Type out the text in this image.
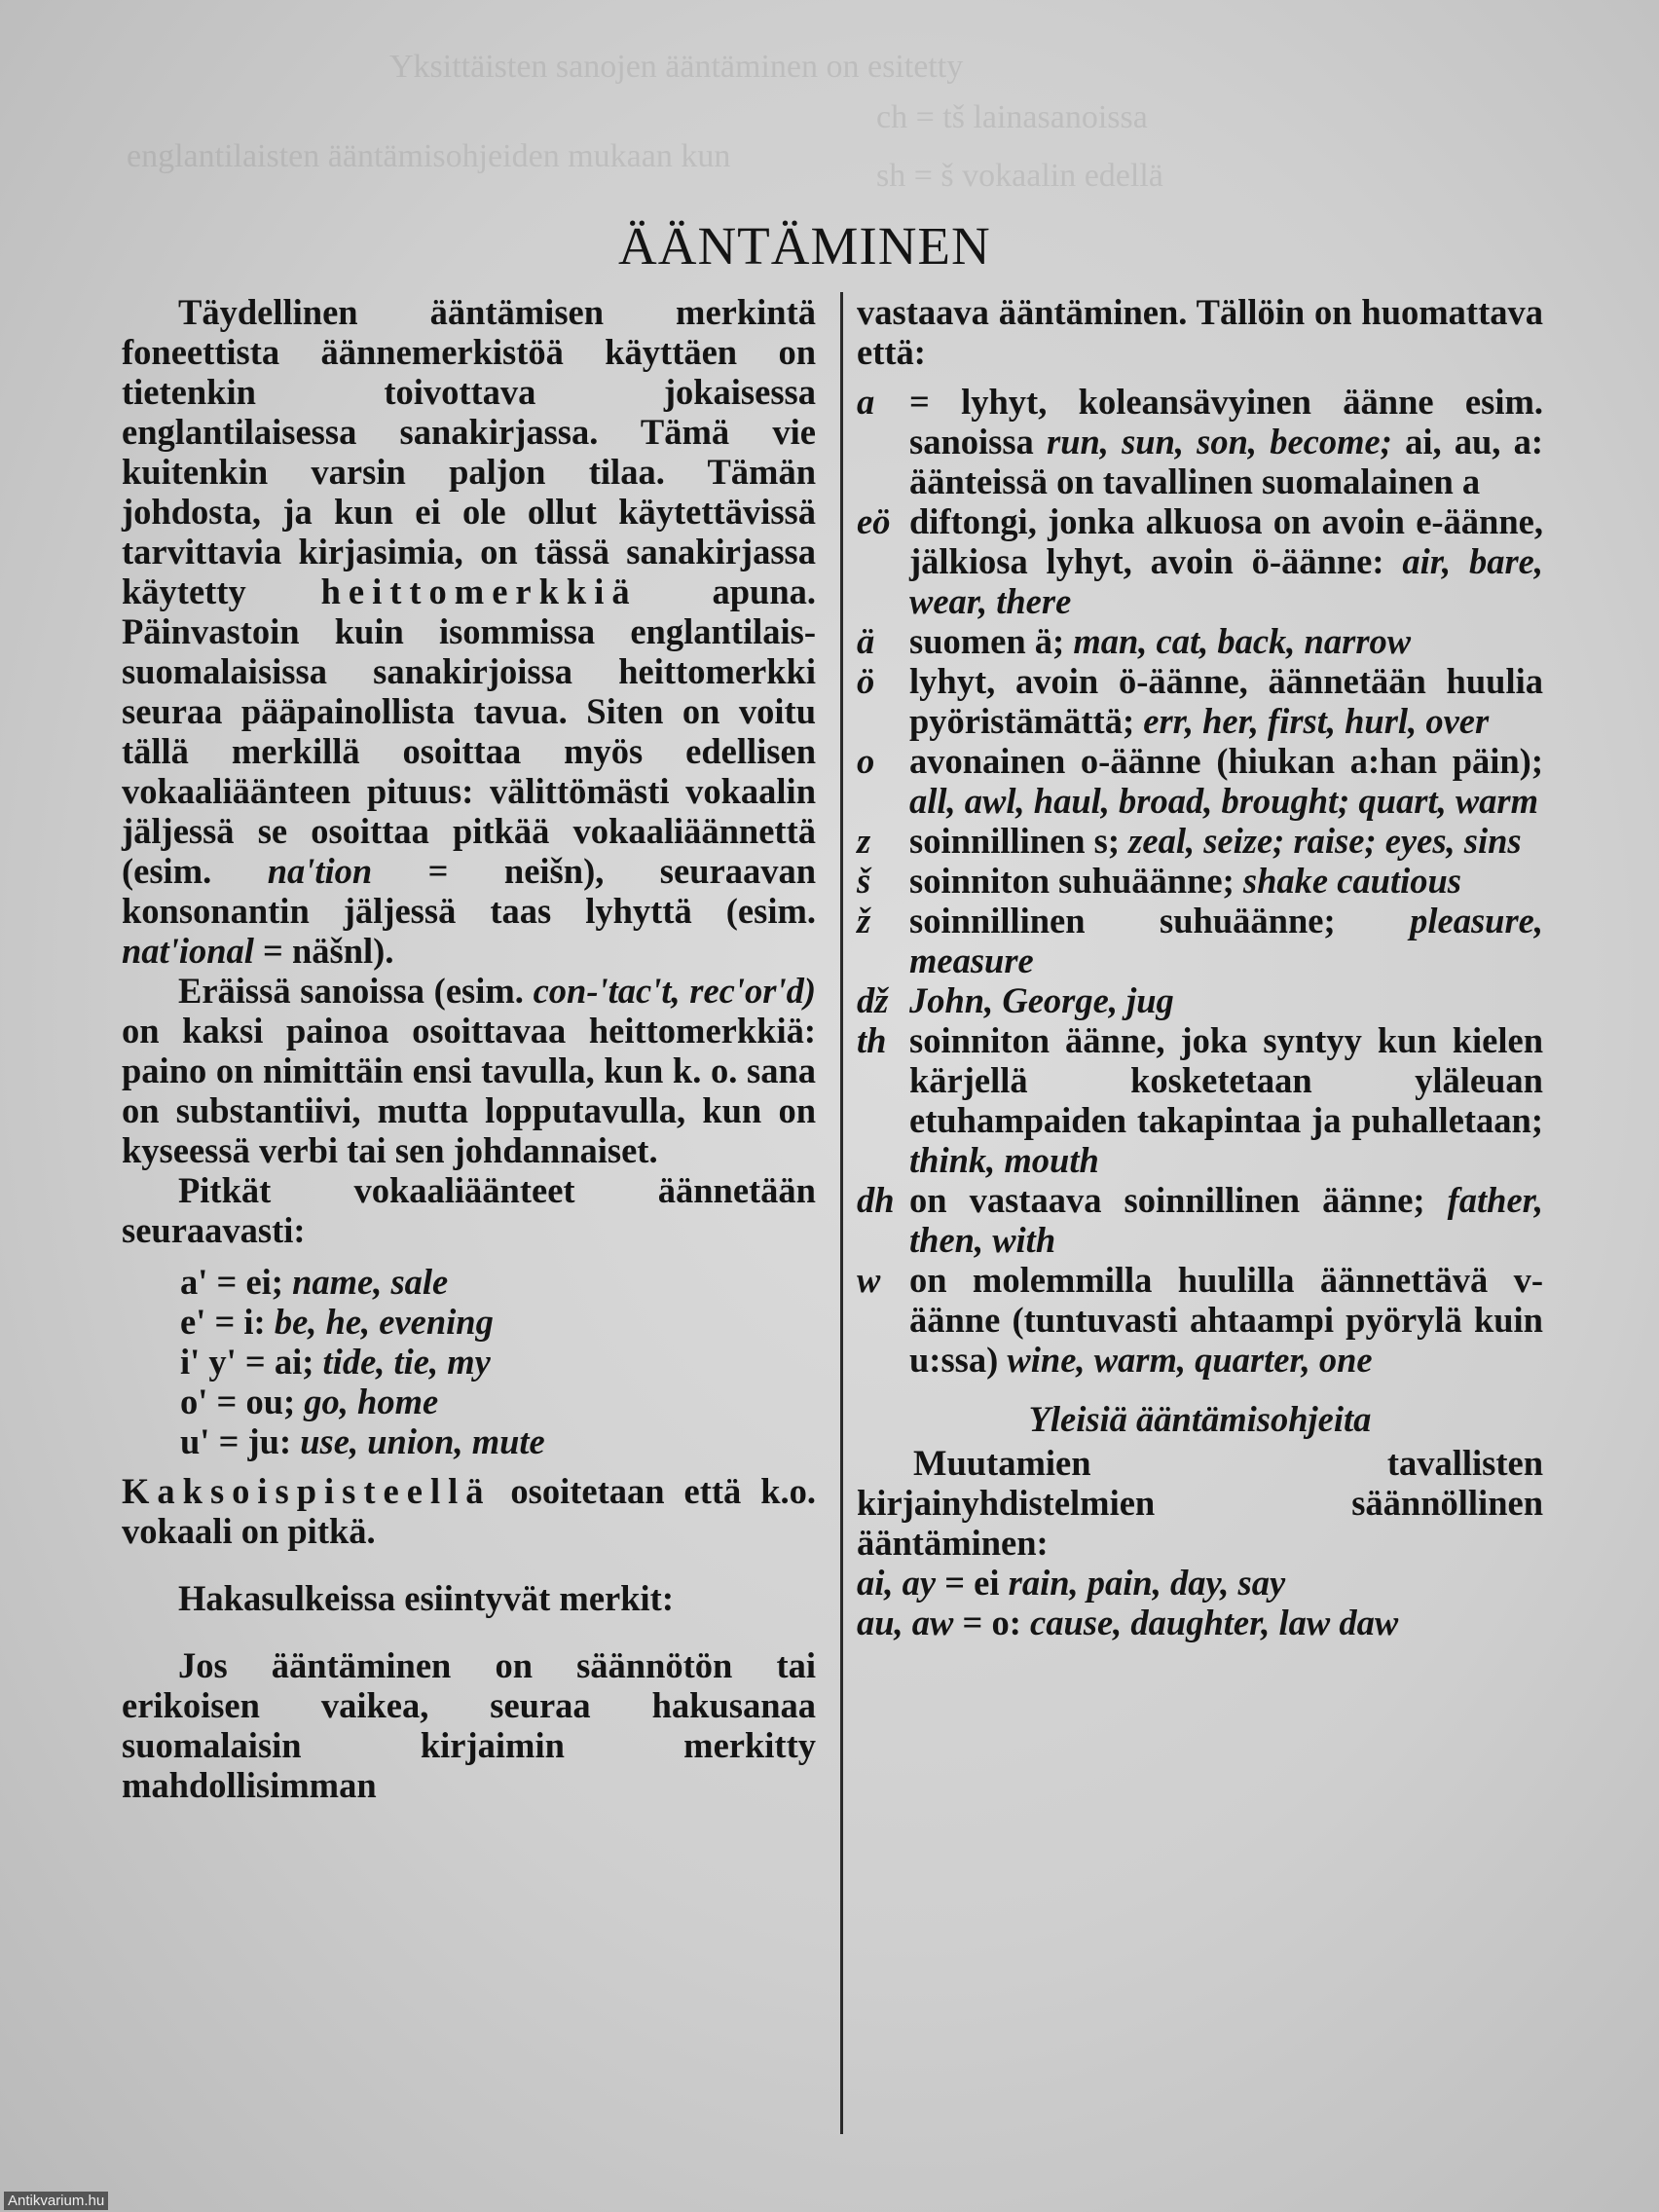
Yksittäisten sanojen ääntäminen on esitetty
englantilaisten ääntämisohjeiden mukaan kun
ch = tš lainasanoissa
sh = š vokaalin edellä
ÄÄNTÄMINEN

Täydellinen ääntämisen merkintä foneettista äännemerkistöä käyttäen on tietenkin toivottava jokaisessa englantilaisessa sanakirjassa. Tämä vie kuitenkin varsin paljon tilaa. Tämän johdosta, ja kun ei ole ollut käytettävissä tarvittavia kirjasimia, on tässä sanakirjassa käytetty heittomerkkiä apuna. Päinvastoin kuin isommissa englantilais-suomalaisissa sanakirjoissa heittomerkki seuraa pääpainollista tavua. Siten on voitu tällä merkillä osoittaa myös edellisen vokaaliäänteen pituus: välittömästi vokaalin jäljessä se osoittaa pitkää vokaaliäännettä (esim. na'tion = neišn), seuraavan konsonantin jäljessä taas lyhyttä (esim. nat'ional = näšnl).

Eräissä sanoissa (esim. con-'tac't, rec'or'd) on kaksi painoa osoittavaa heittomerkkiä: paino on nimittäin ensi tavulla, kun k. o. sana on substantiivi, mutta lopputavulla, kun on kyseessä verbi tai sen johdannaiset.

Pitkät vokaaliäänteet äännetään seuraavasti:

a' = ei; name, sale
e' = i: be, he, evening
i' y' = ai; tide, tie, my
o' = ou; go, home
u' = ju: use, union, mute

Kaksoispisteellä osoitetaan että k.o. vokaali on pitkä.

Hakasulkeissa esiintyvät merkit:

Jos ääntäminen on säännötön tai erikoisen vaikea, seuraa hakusanaa suomalaisin kirjaimin merkitty mahdollisimman

vastaava ääntäminen. Tällöin on huomattava että:

a = lyhyt, koleansävyinen äänne esim. sanoissa run, sun, son, become; ai, au, a: äänteissä on tavallinen suomalainen a
eö diftongi, jonka alkuosa on avoin e-äänne, jälkiosa lyhyt, avoin ö-äänne: air, bare, wear, there
ä suomen ä; man, cat, back, narrow
ö lyhyt, avoin ö-äänne, äännetään huulia pyöristämättä; err, her, first, hurl, over
o avonainen o-äänne (hiukan a:han päin); all, awl, haul, broad, brought; quart, warm
z	soinnillinen s; zeal, seize; raise; eyes, sins
š	soinniton suhuäänne; shake cautious
ž	soinnillinen suhuäänne; pleasure, measure
dž John, George, jug
th soinniton äänne, joka syntyy kun kielen kärjellä kosketetaan yläleuan etuhampaiden takapintaa ja puhalletaan; think, mouth
dh on vastaava soinnillinen äänne; father, then, with
w on molemmilla huulilla äännettävä v-äänne (tuntuvasti ahtaampi pyörylä kuin u:ssa) wine, warm, quarter, one
Yleisiä ääntämisohjeita

Muutamien tavallisten kirjainyhdistelmien säännöllinen ääntäminen:

ai, ay = ei rain, pain, day, say
au, aw = o: cause, daughter, law daw
Antikvarium.hu
